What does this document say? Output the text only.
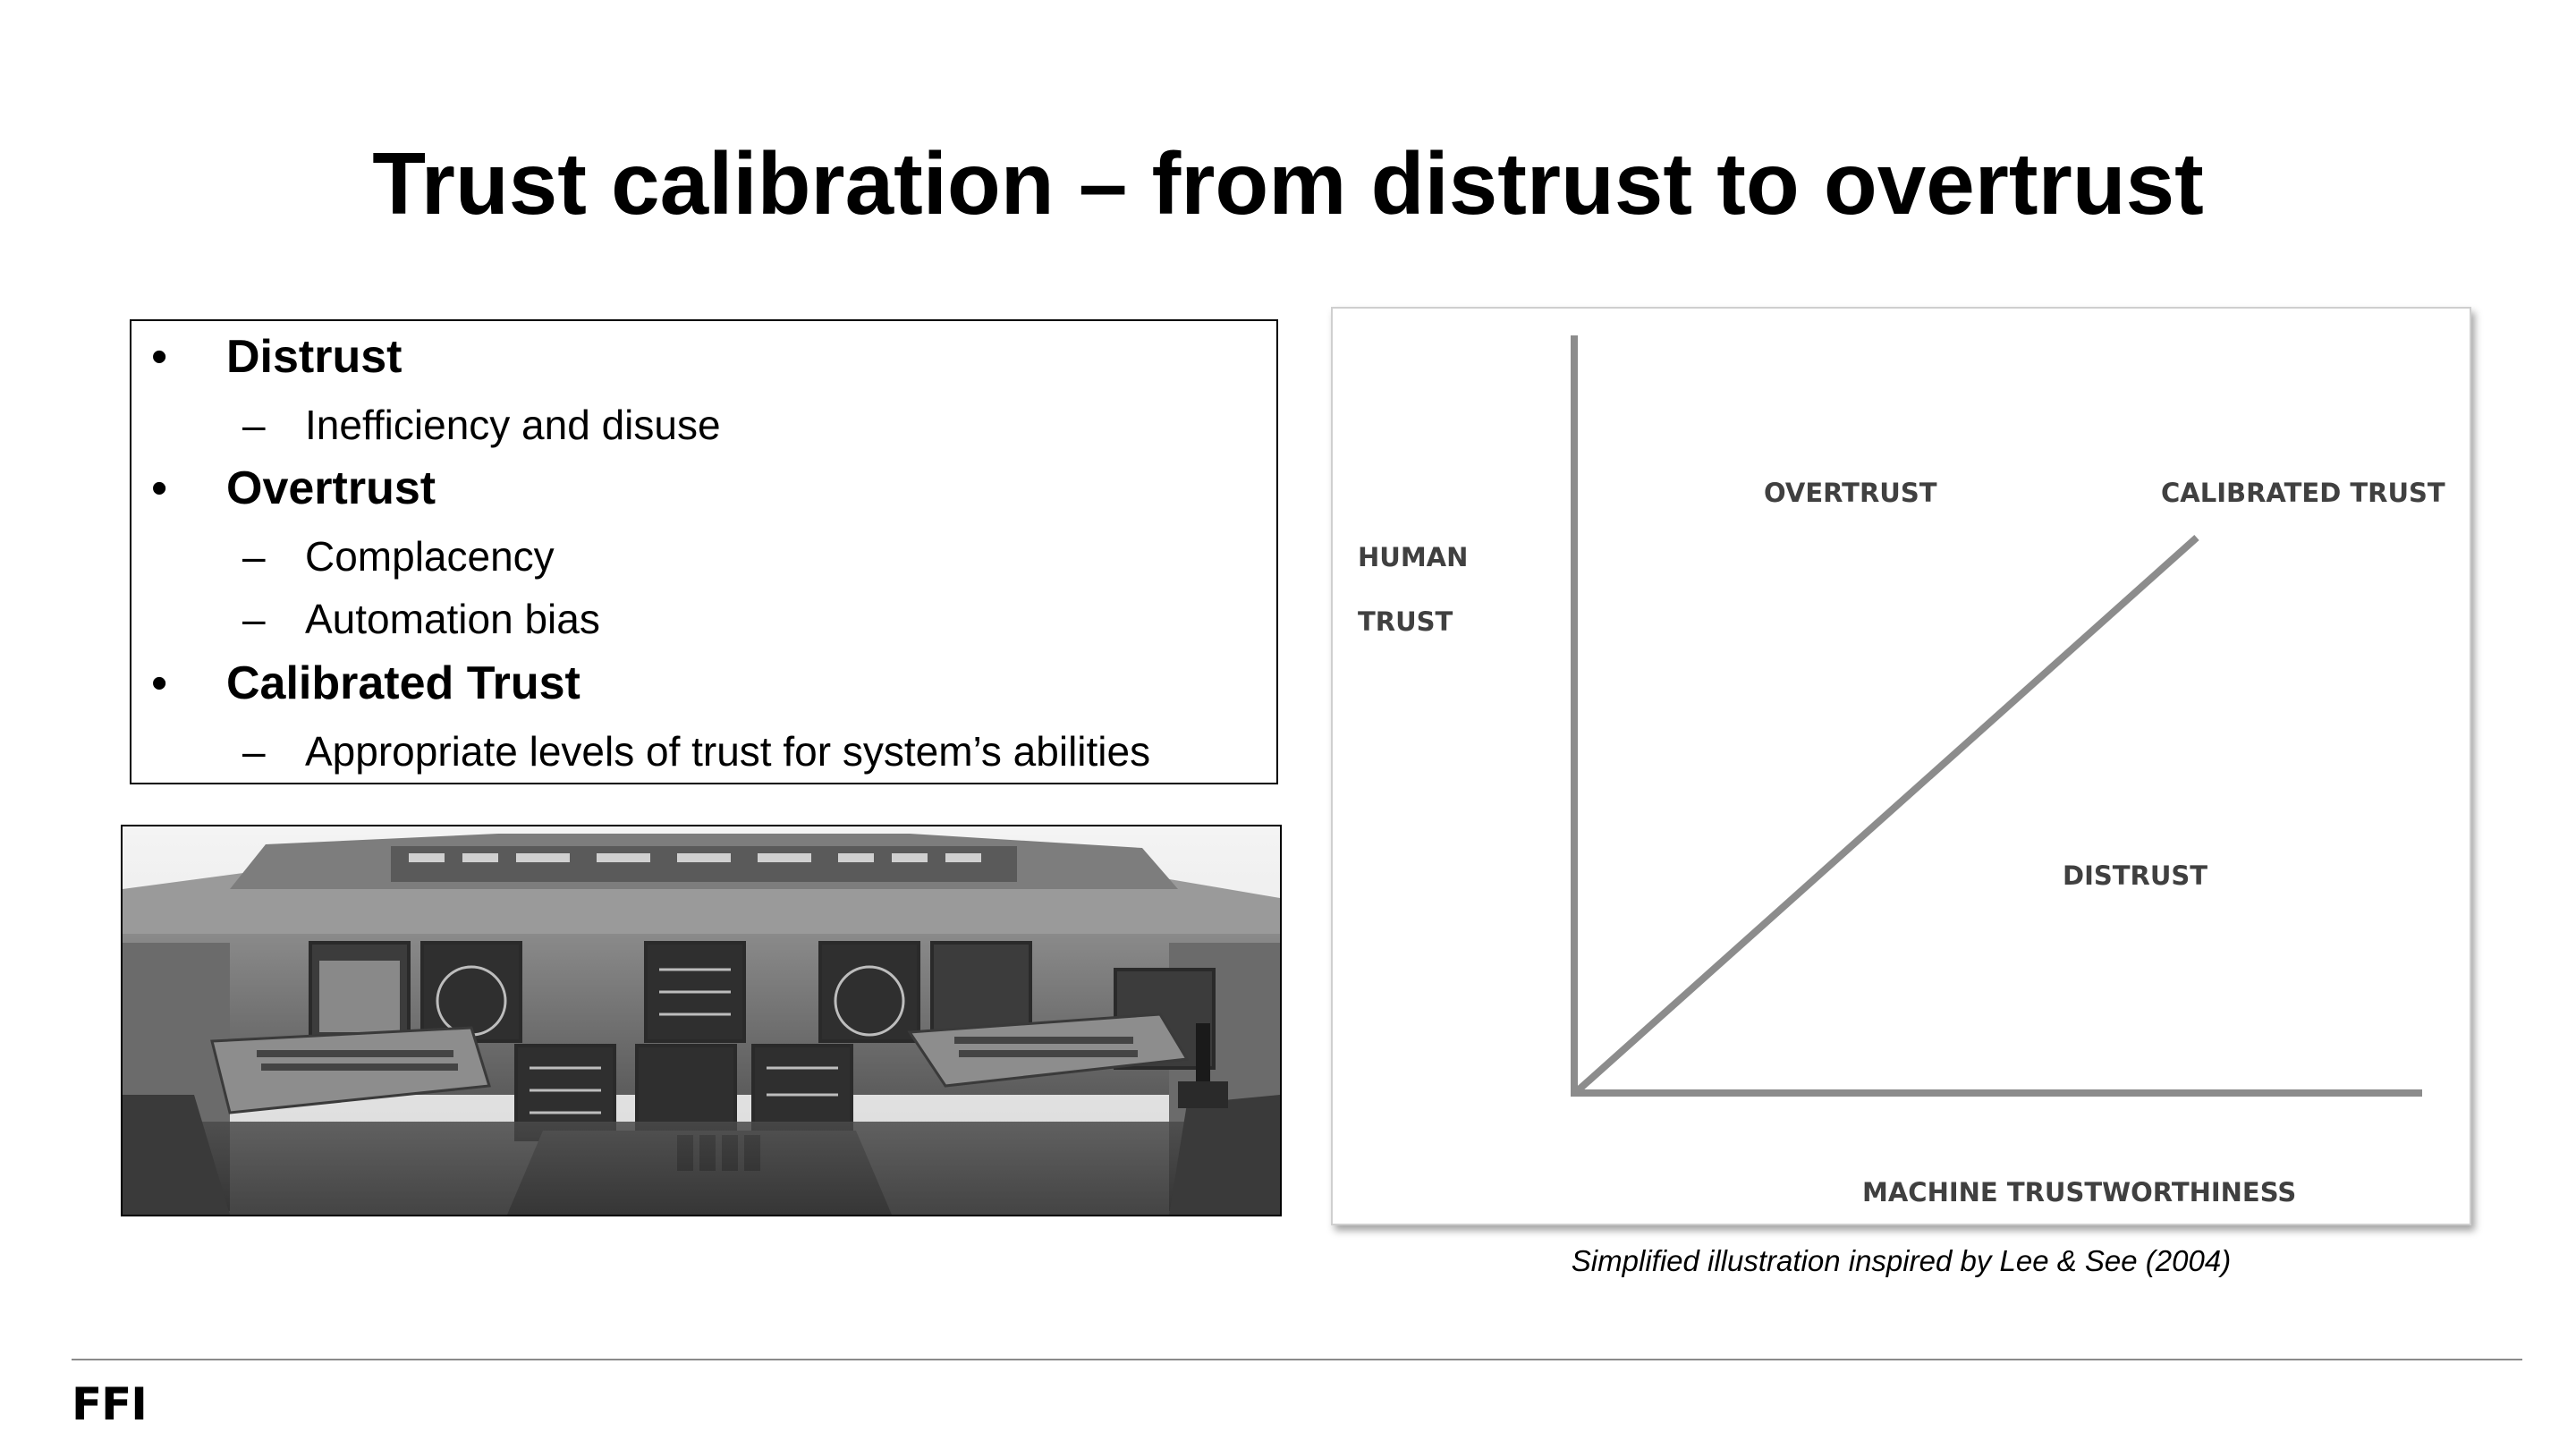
Trust calibration – from distrust to overtrust
• Distrust
– Inefficiency and disuse
• Overtrust
– Complacency
– Automation bias
• Calibrated Trust
– Appropriate levels of trust for system’s abilities
HUMAN
TRUST
OVERTRUST	CALIBRATED TRUST
DISTRUST
MACHINE TRUSTWORTHINESS
Simplified illustration inspired by Lee & See (2004)
FFI
